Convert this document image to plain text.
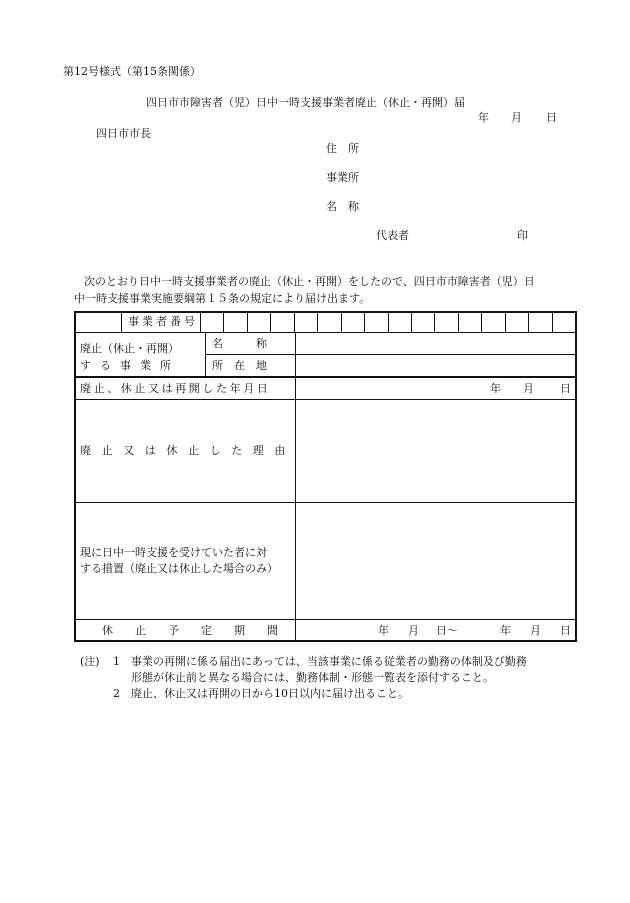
第12号様式（第15条関係）
四日市市障害者（児）日中一時支援事業者廃止（休止・再開）届
年 月 日
四日市市長
住　所
事業所
名　称
代表者	印
次のとおり日中一時支援事業者の廃止（休止・再開）をしたので、四日市市障害者（児）日
中一時支援事業実施要綱第１５条の規定により届け出ます。
事業者番号
廃止（休止・再開）
する事業所
名　　　称
所　在　地
廃止、休止又は再開した年月日	年 月 日
廃止又は休止した理由
現に日中一時支援を受けていた者に対
する措置（廃止又は休止した場合のみ）
休止予定期間	年 月 日〜	年 月 日
(注) 1 事業の再開に係る届出にあっては、当該事業に係る従業者の勤務の体制及び勤務
形態が休止前と異なる場合には、勤務体制・形態一覧表を添付すること。
2 廃止、休止又は再開の日から10日以内に届け出ること。
